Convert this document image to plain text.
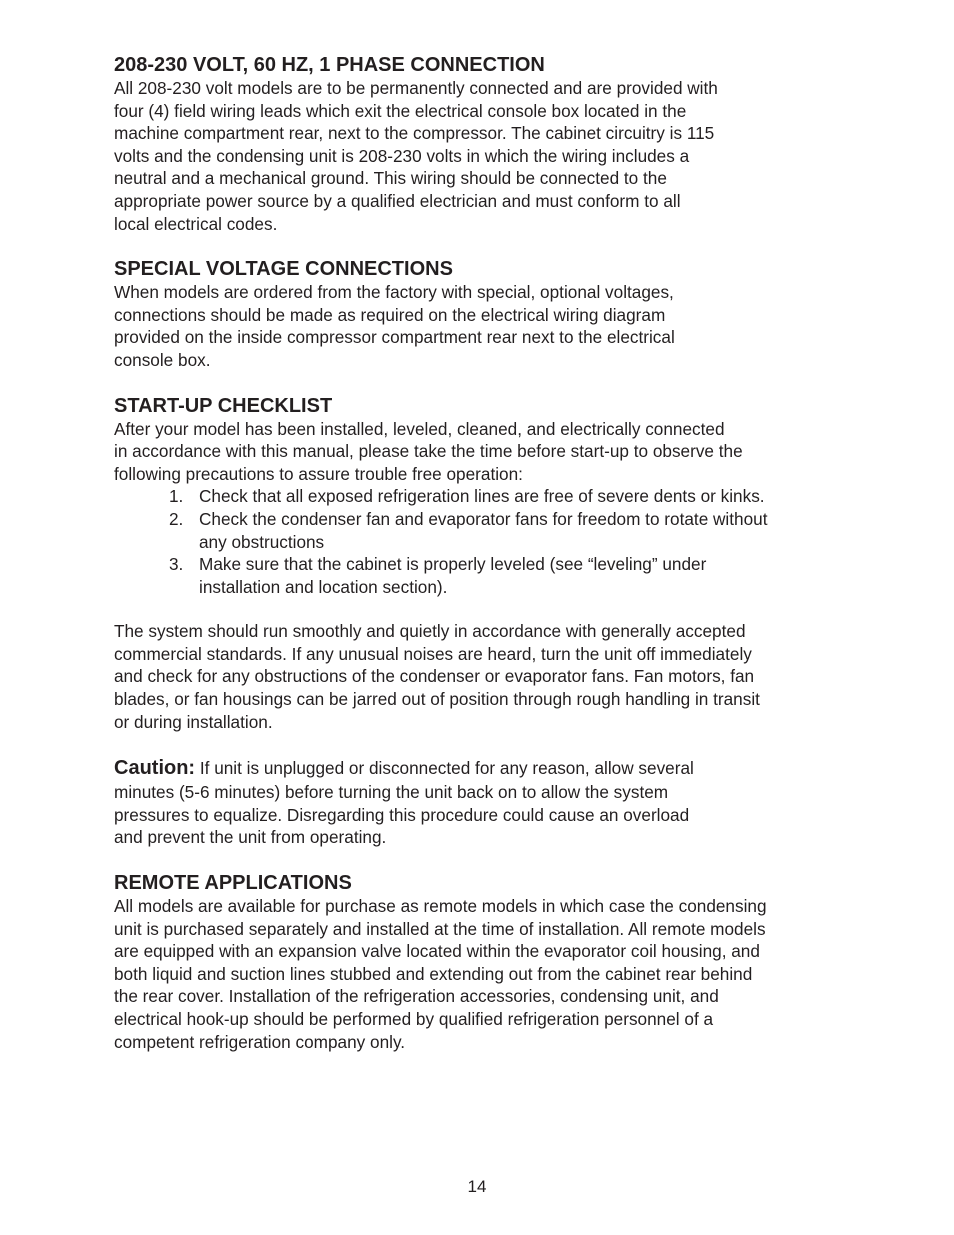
208-230 VOLT, 60 HZ, 1 PHASE CONNECTION

All 208-230 volt models are to be permanently connected and are provided with
four (4) field wiring leads which exit the electrical console box located in the
machine compartment rear, next to the compressor. The cabinet circuitry is 115
volts and the condensing unit is 208-230 volts in which the wiring includes a
neutral and a mechanical ground. This wiring should be connected to the
appropriate power source by a qualified electrician and must conform to all
local electrical codes.

SPECIAL VOLTAGE CONNECTIONS

When models are ordered from the factory with special, optional voltages,
connections should be made as required on the electrical wiring diagram
provided on the inside compressor compartment rear next to the electrical
console box.

START-UP CHECKLIST

After your model has been installed, leveled, cleaned, and electrically connected
in accordance with this manual, please take the time before start-up to observe the
following precautions to assure trouble free operation:

1. Check that all exposed refrigeration lines are free of severe dents or kinks.
2. Check the condenser fan and evaporator fans for freedom to rotate without
any obstructions
3. Make sure that the cabinet is properly leveled (see “leveling” under
installation and location section).

The system should run smoothly and quietly in accordance with generally accepted
commercial standards. If any unusual noises are heard, turn the unit off immediately
and check for any obstructions of the condenser or evaporator fans. Fan motors, fan
blades, or fan housings can be jarred out of position through rough handling in transit
or during installation.

Caution: If unit is unplugged or disconnected for any reason, allow several
minutes (5-6 minutes) before turning the unit back on to allow the system
pressures to equalize. Disregarding this procedure could cause an overload
and prevent the unit from operating.

REMOTE APPLICATIONS

All models are available for purchase as remote models in which case the condensing
unit is purchased separately and installed at the time of installation. All remote models
are equipped with an expansion valve located within the evaporator coil housing, and
both liquid and suction lines stubbed and extending out from the cabinet rear behind
the rear cover. Installation of the refrigeration accessories, condensing unit, and
electrical hook-up should be performed by qualified refrigeration personnel of a
competent refrigeration company only.

14
